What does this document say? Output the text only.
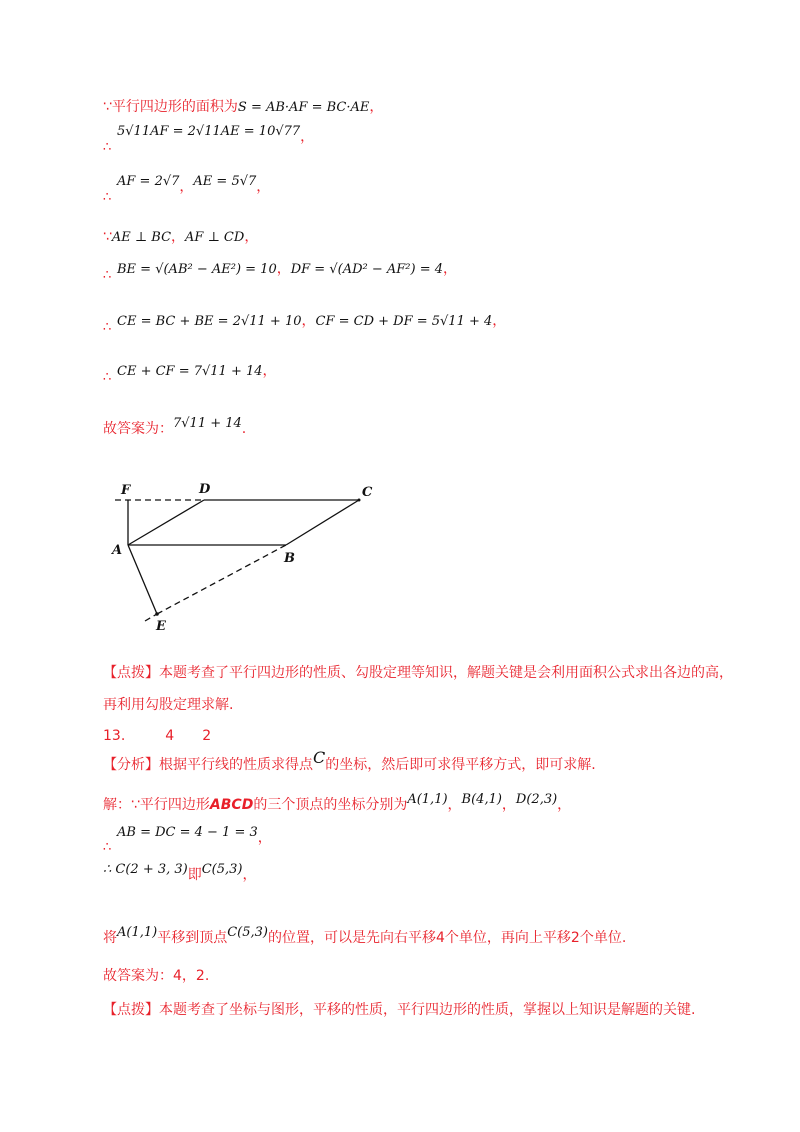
∵平行四边形的面积为S = AB·AF = BC·AE，
5√11AF = 2√11AE = 10√77，
∴
AF = 2√7，AE = 5√7，
∴
∵AE ⊥ BC，AF ⊥ CD，
BE = √(AB² − AE²) = 10，DF = √(AD² − AF²) = 4，
∴
CE = BC + BE = 2√11 + 10，CF = CD + DF = 5√11 + 4，
∴
CE + CF = 7√11 + 14，
∴
故答案为：7√11 + 14.
F	D	C
A
B
E
【点拨】本题考查了平行四边形的性质、勾股定理等知识，解题关键是会利用面积公式求出各边的高，
再利用勾股定理求解.
13.	4 2
【分析】根据平行线的性质求得点C的坐标，然后即可求得平移方式，即可求解.
解：∵平行四边形ABCD的三个顶点的坐标分别为A(1,1)，B(4,1)，D(2,3)，
AB = DC = 4 − 1 = 3，
∴
∴ C(2 + 3, 3)即C(5,3)，
将A(1,1)平移到顶点C(5,3)的位置，可以是先向右平移4个单位，再向上平移2个单位.
故答案为：4，2.
【点拨】本题考查了坐标与图形，平移的性质，平行四边形的性质，掌握以上知识是解题的关键.
